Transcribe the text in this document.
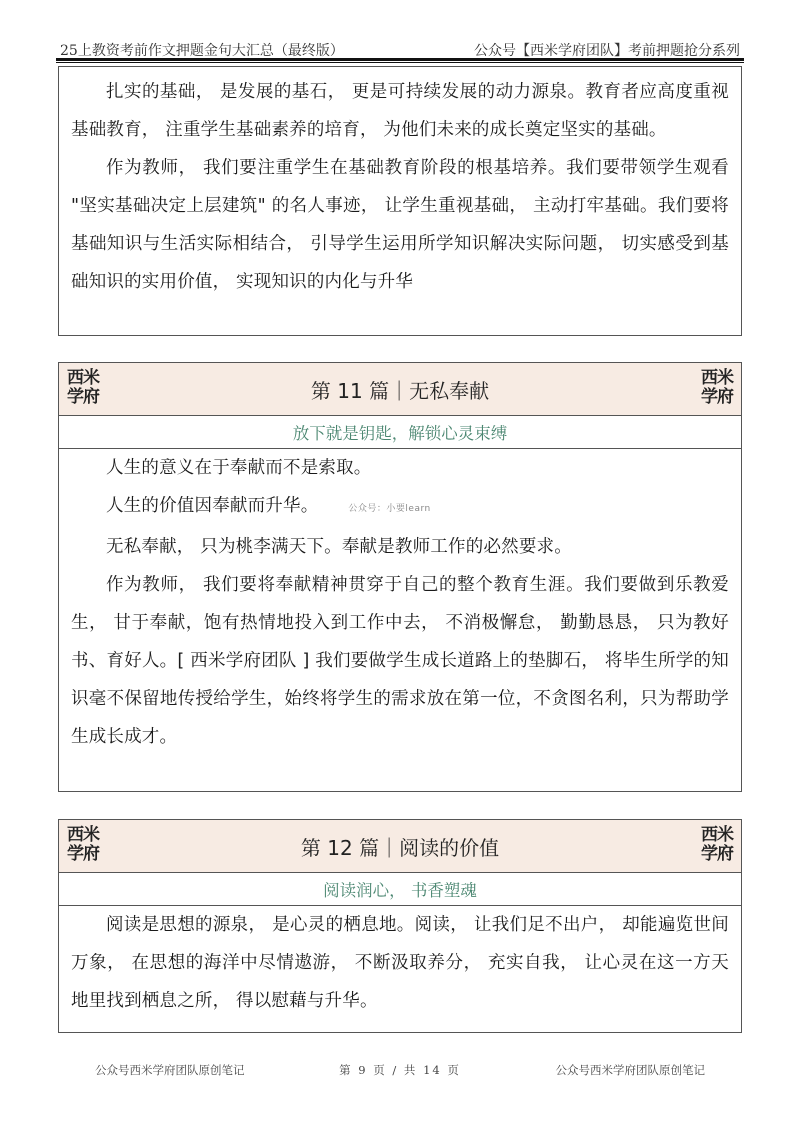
25上教资考前作文押题金句大汇总（最终版）	公众号【西米学府团队】考前押题抢分系列

扎实的基础， 是发展的基石， 更是可持续发展的动力源泉。教育者应高度重视基础教育， 注重学生基础素养的培育， 为他们未来的成长奠定坚实的基础。

作为教师， 我们要注重学生在基础教育阶段的根基培养。我们要带领学生观看 "坚实基础决定上层建筑" 的名人事迹， 让学生重视基础， 主动打牢基础。我们要将基础知识与生活实际相结合， 引导学生运用所学知识解决实际问题， 切实感受到基础知识的实用价值， 实现知识的内化与升华

西米
学府	第 11 篇｜无私奉献
西米
学府
放下就是钥匙，解锁心灵束缚

人生的意义在于奉献而不是索取。

人生的价值因奉献而升华。	公众号：小要learn

无私奉献， 只为桃李满天下。奉献是教师工作的必然要求。

作为教师， 我们要将奉献精神贯穿于自己的整个教育生涯。我们要做到乐教爱生， 甘于奉献，饱有热情地投入到工作中去， 不消极懈怠， 勤勤恳恳， 只为教好书、育好人。[ 西米学府团队 ] 我们要做学生成长道路上的垫脚石， 将毕生所学的知识毫不保留地传授给学生，始终将学生的需求放在第一位，不贪图名利，只为帮助学生成长成才。

西米
学府	第 12 篇｜阅读的价值
西米
学府
阅读润心， 书香塑魂

阅读是思想的源泉， 是心灵的栖息地。阅读， 让我们足不出户， 却能遍览世间万象， 在思想的海洋中尽情遨游， 不断汲取养分， 充实自我， 让心灵在这一方天地里找到栖息之所， 得以慰藉与升华。

公众号西米学府团队原创笔记	第 9 页 / 共 14 页	公众号西米学府团队原创笔记
